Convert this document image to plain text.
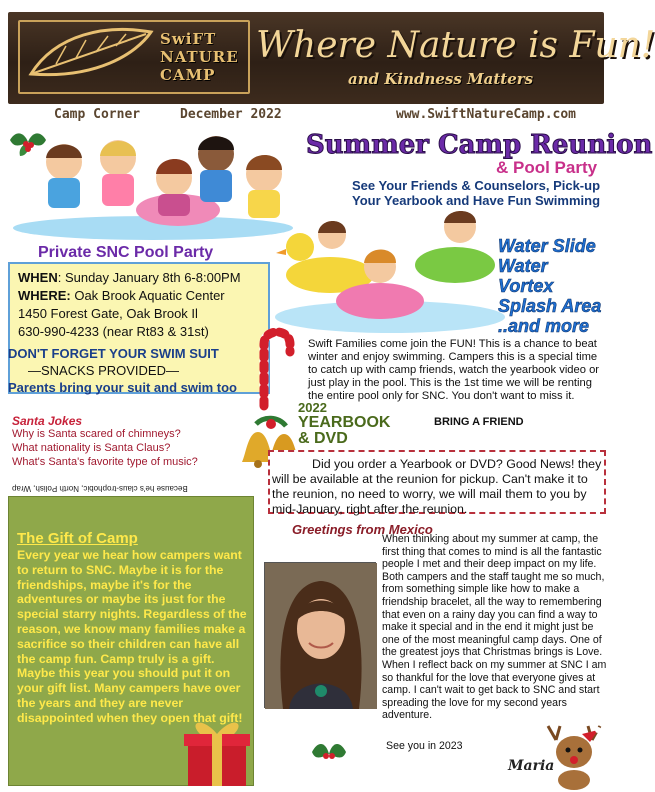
SwiFT
NATURE
CAMP
Where Nature is Fun!
and Kindness Matters
Camp Corner	December 2022	www.SwiftNatureCamp.com
Summer Camp Reunion
& Pool Party
See Your Friends & Counselors, Pick-up Your Yearbook and Have Fun Swimming
Water Slide
Water Vortex
Splash Area
..and more
Private SNC Pool Party
WHEN: Sunday January 8th 6-8:00PM
WHERE: Oak Brook Aquatic Center
1450 Forest Gate, Oak Brook Il
630-990-4233 (near Rt83 & 31st)
DON'T FORGET YOUR SWIM SUIT
—SNACKS PROVIDED—
Parents bring your suit and swim too
Swift Families come join the FUN! This is a chance to beat winter and enjoy swimming. Campers this is a special time to catch up with camp friends, watch the yearbook video or just play in the pool. This is the 1st time we will be renting the entire pool only for SNC. You don't want to miss it.
BRING A FRIEND
2022
YEARBOOK
& DVD
Did you order a Yearbook or DVD? Good News! they will be available at the reunion for pickup. Can't make it to the reunion, no need to worry, we will mail them to you by mid-January, right after the reunion.
Santa Jokes
Why is Santa scared of chimneys?
What nationality is Santa Claus?
What's Santa's favorite type of music?
Because he's claus-trophobic, North Polish, Wrap
The Gift of Camp
Every year we hear how campers want to return to SNC. Maybe it is for the friendships, maybe it's for the adventures or maybe its just for the special starry nights. Regardless of the reason, we know many families make a sacrifice so their children can have all the camp fun. Camp truly is a gift. Maybe this year you should put it on your gift list. Many campers have over the years and they are never disappointed when they open that gift!
Greetings from Mexico
When thinking about my summer at camp, the first thing that comes to mind is all the fantastic people I met and their deep impact on my life. Both campers and the staff taught me so much, from something simple like how to make a friendship bracelet, all the way to remembering that even on a rainy day you can find a way to make it special and in the end it might just be one of the most meaningful camp days. One of the greatest joys that Christmas brings is Love. When I reflect back on my summer at SNC I am so thankful for the love that everyone gives at camp. I can't wait to get back to SNC and start spreading the love for my second years adventure.
See you in 2023
Maria
